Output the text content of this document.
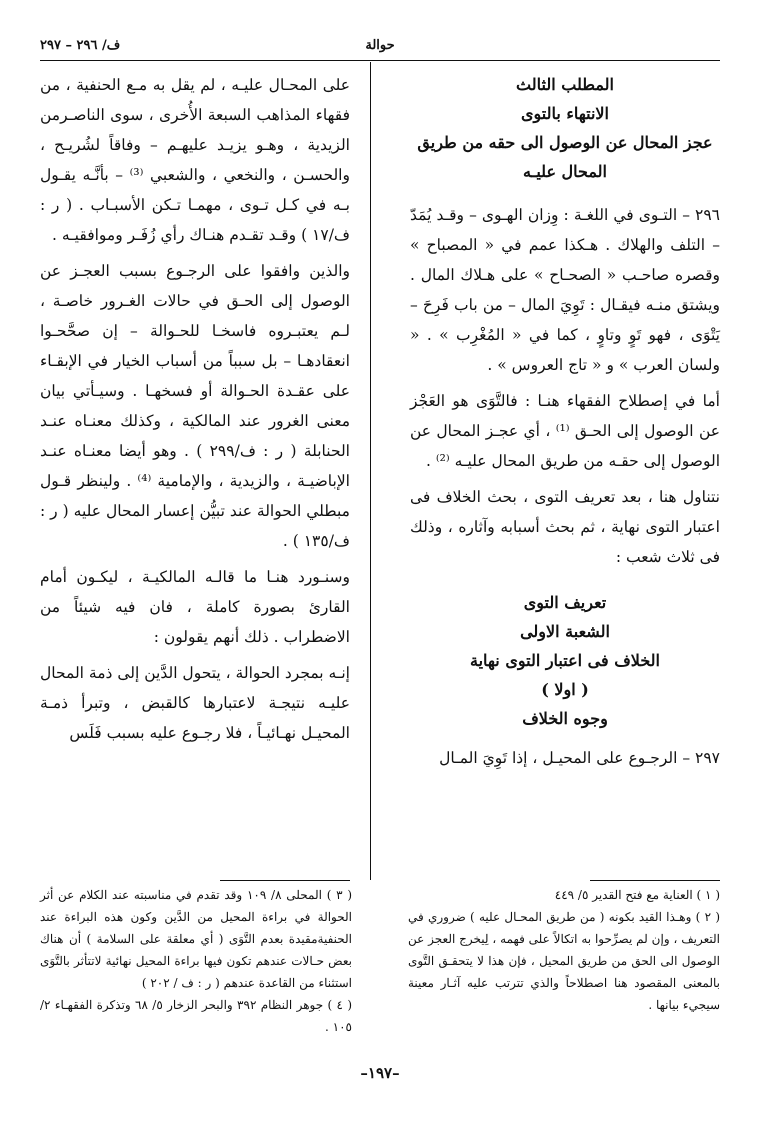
حوالة
ف/ ٢٩٦ – ٢٩٧
المطلب الثالث
الانتهاء بالتوى
عجز المحال عن الوصول الى حقه من طريق المحال عليـه

٢٩٦ – التـوى في اللغـة : وِزان الهـوى – وقـد يُمَدّ – التلف والهلاك . هـكذا عمم في « المصباح » وقصره صاحـب « الصحـاح » على هـلاك المال . ويشتق منـه فيقـال : تَوِيَ المال – من باب فَرِحَ – يَتْوَى ، فهو تَوٍ وتاوٍ ، كما في « المُغْرِب » . « ولسان العرب » و « تاج العروس » .

أما في إصطلاح الفقهاء هنـا : فالتَّوَى هو العَجْز عن الوصول إلى الحـق ⁽¹⁾ ، أي عجـز المحال عن الوصول إلى حقـه من طريق المحال عليـه ⁽²⁾ .

نتناول هنا ، بعد تعريف التوى ، بحث الخلاف فى اعتبار التوى نهاية ، ثم بحث أسبابه وآثاره ، وذلك فى ثلاث شعب :

تعريف التوى
الشعبة الاولى
الخلاف فى اعتبار التوى نهاية
( اولا )
وجوه الخلاف

٢٩٧ – الرجـوع على المحيـل ، إذا تَوِيَ المـال

على المحـال عليـه ، لم يقل به مـع الحنفية ، من فقهاء المذاهب السبعة الأُخرى ، سوى الناصـرمن الزيدية ، وهـو يزيـد عليهـم – وفاقاً لشُريـح ، والحسـن ، والنخعي ، والشعبي ⁽³⁾ – بأنَّـه يقـول بـه في كـل تـوى ، مهمـا تـكن الأسبـاب . ( ر : ف/١٧ ) وقـد تقـدم هنـاك رأي زُفَـر وموافقيـه .

والذين وافقوا على الرجـوع بسبب العجـز عن الوصول إلى الحـق في حالات الغـرور خاصـة ، لـم يعتبـروه فاسخـا للحـوالة – إن صحَّحـوا انعقادهـا – بل سبباً من أسباب الخيار في الإبقـاء على عقـدة الحـوالة أو فسخهـا . وسيـأتي بيان معنى الغرور عند المالكية ، وكذلك معنـاه عنـد الحنابلة ( ر : ف/٢٩٩ ) . وهو أيضا معنـاه عنـد الإباضيـة ، والزيدية ، والإمامية ⁽⁴⁾ . ولينظر قـول مبطلي الحوالة عند تبيُّن إعسار المحال عليه ( ر : ف/١٣٥ ) .

وسنـورد هنـا ما قالـه المالكيـة ، ليكـون أمام القارئ بصورة كاملة ، فان فيه شيئاً من الاضطراب . ذلك أنهم يقولون :

إنـه بمجرد الحوالة ، يتحول الدَّين إلى ذمة المحال عليـه نتيجـة لاعتبارها كالقبض ، وتبرأ ذمـة المحيـل نهـائيـاً ، فلا رجـوع عليه بسبب فَلَس

( ١ ) العناية مع فتح القدير ٥/ ٤٤٩

( ٢ ) وهـذا القيد بكونه ( من طريق المحـال عليه ) ضروري في التعريف ، وإن لم يصرِّحوا به اتكالاً على فهمه ، لِيخرج العجز عن الوصول الى الحق من طريق المحيل ، فإن هذا لا يتحقـق التَّوى بالمعنى المقصود هنا اصطلاحاً والذي تترتب عليه آثـار معينة سيجيء بيانها .

( ٣ ) المحلى ٨/ ١٠٩ وقد تقدم في مناسبته عند الكلام عن أثر الحوالة في براءة المحيل من الدَّين وكون هذه البراءة عند الحنفيةمقيدة بعدم التَّوَى ( أي معلقة على السلامة ) أن هناك بعض حـالات عندهم تكون فيها براءة المحيل نهائية لاتتأثر بالتَّوَى استثناء من القاعدة عندهم ( ر : ف / ٢٠٢ )

( ٤ ) جوهر النظام ٣٩٢ والبحر الزخار ٥/ ٦٨ وتذكرة الفقهـاء ٢/ ١٠٥ .

–١٩٧–
